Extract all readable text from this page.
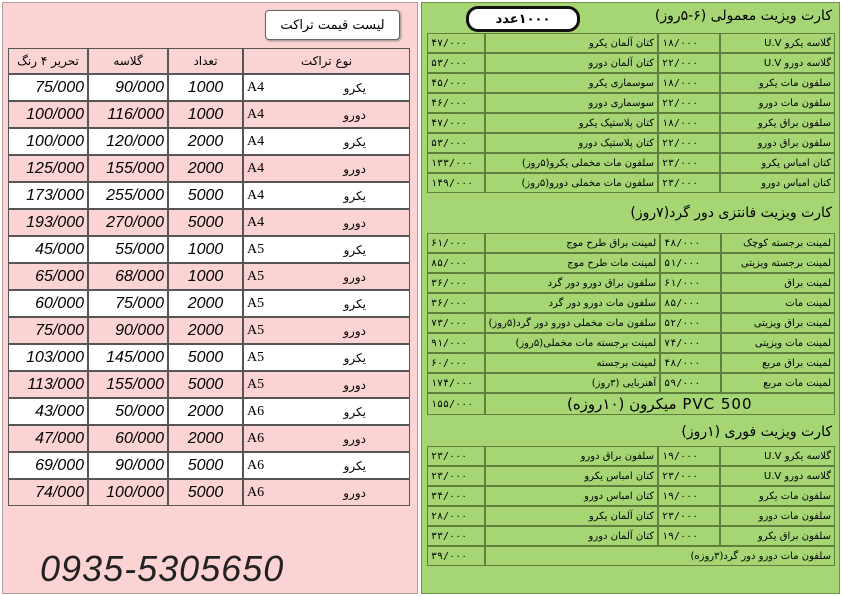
لیست قیمت تراکت
تحریر ۴ رنگ	گلاسه	تعداد	نوع تراکت
75/000	90/000	1000	A4 یکرو

100/000	116/000	1000	A4 دورو

100/000	120/000	2000	A4 یکرو

125/000	155/000	2000	A4 دورو

173/000	255/000	5000	A4 یکرو

193/000	270/000	5000	A4 دورو

45/000	55/000	1000	A5 یکرو

65/000	68/000	1000	A5 دورو

60/000	75/000	2000	A5 یکرو

75/000	90/000	2000	A5 دورو

103/000	145/000	5000	A5 یکرو

113/000	155/000	5000	A5 دورو

43/000	50/000	2000	A6 یکرو

47/000	60/000	2000	A6 دورو

69/000	90/000	5000	A6 یکرو

74/000	100/000	5000	A6 دورو
0935-5305650
۱۰۰۰عدد	کارت ویزیت معمولی (۶-۵روز)
۴۷/۰۰۰	کتان آلمان یکرو	۱۸/۰۰۰	گلاسه یکرو U.V
۵۳/۰۰۰	کتان آلمان دورو	۲۲/۰۰۰	گلاسه دورو U.V
۴۵/۰۰۰	سوسماری یکرو	۱۸/۰۰۰	سلفون مات یکرو
۴۶/۰۰۰	سوسماری دورو	۲۲/۰۰۰	سلفون مات دورو
۴۷/۰۰۰	کتان پلاستیک یکرو	۱۸/۰۰۰	سلفون براق یکرو
۵۳/۰۰۰	کتان پلاستیک دورو	۲۲/۰۰۰	سلفون براق دورو
۱۳۳/۰۰۰	سلفون مات مخملی یکرو(۵روز)	۲۳/۰۰۰	کتان امباس یکرو
۱۴۹/۰۰۰	سلفون مات مخملی دورو(۵روز)	۲۳/۰۰۰	کتان امباس دورو
کارت ویزیت فانتزی دور گرد(۷روز)
۶۱/۰۰۰	لمینت براق طرح موج	۴۸/۰۰۰	لمینت برجسته کوچک
۸۵/۰۰۰	لمینت مات طرح موج	۵۱/۰۰۰	لمینت برجسته ویزیتی
۳۶/۰۰۰	سلفون براق دورو دور گرد	۶۱/۰۰۰	لمینت براق
۳۶/۰۰۰	سلفون مات دورو دور گرد	۸۵/۰۰۰	لمینت مات
۷۳/۰۰۰	سلفون مات مخملی دورو دور گرد(۵روز)	۵۲/۰۰۰	لمینت براق ویزیتی
۹۱/۰۰۰	لمینت برجسته مات مخملی(۵روز)	۷۴/۰۰۰	لمینت مات ویزیتی
۶۰/۰۰۰	لمینت برجسته	۴۸/۰۰۰	لمینت براق مربع
۱۷۴/۰۰۰	آهنربایی (۳روز)	۵۹/۰۰۰	لمینت مات مربع
۱۵۵/۰۰۰	500 PVC میکرون (۱۰روزه)		
کارت ویزیت فوری (۱روز)
۲۳/۰۰۰	سلفون براق دورو	۱۹/۰۰۰	گلاسه یکرو U.V
۲۳/۰۰۰	کتان امباس یکرو	۲۳/۰۰۰	گلاسه دورو U.V
۳۴/۰۰۰	کتان امباس دورو	۱۹/۰۰۰	سلفون مات یکرو
۲۸/۰۰۰	کتان آلمان یکرو	۲۳/۰۰۰	سلفون مات دورو
۳۳/۰۰۰	کتان آلمان دورو	۱۹/۰۰۰	سلفون براق یکرو
۳۹/۰۰۰	سلفون مات دورو دور گرد(۳روزه)		
